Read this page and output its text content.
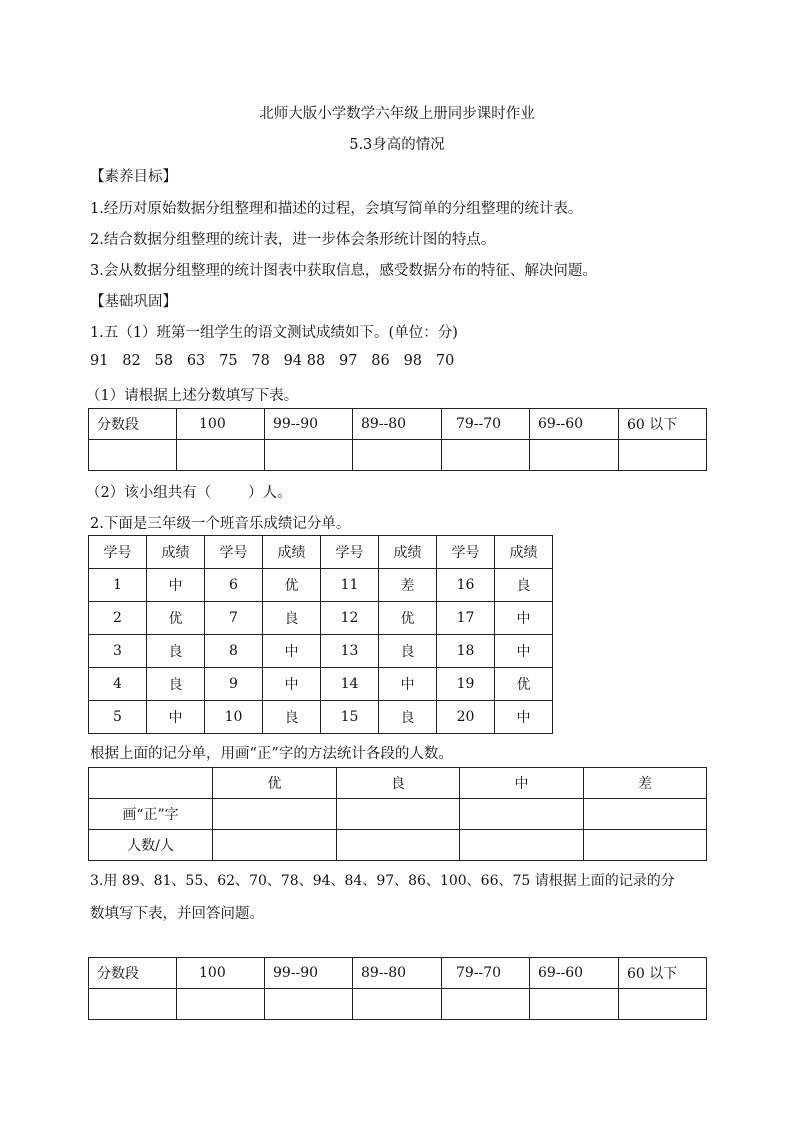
北师大版小学数学六年级上册同步课时作业
5.3身高的情况
【素养目标】
1.经历对原始数据分组整理和描述的过程，会填写简单的分组整理的统计表。
2.结合数据分组整理的统计表，进一步体会条形统计图的特点。
3.会从数据分组整理的统计图表中获取信息，感受数据分布的特征、解决问题。
【基础巩固】
1.五（1）班第一组学生的语文测试成绩如下。(单位：分)
91   82   58   63   75   78   94 88   97   86   98   70
（1）请根据上述分数填写下表。
分数段	100	99--90	89--80	79--70	69--60	60 以下

（2）该小组共有（        ）人。
2.下面是三年级一个班音乐成绩记分单。
学号	成绩	学号	成绩	学号	成绩	学号	成绩
1	中	6	优	11	差	16	良
2	优	7	良	12	优	17	中
3	良	8	中	13	良	18	中
4	良	9	中	14	中	19	优
5	中	10	良	15	良	20	中
根据上面的记分单，用画“正”字的方法统计各段的人数。
	优	良	中	差
画“正”字				
人数/人				
3.用 89、81、55、62、70、78、94、84、97、86、100、66、75 请根据上面的记录的分
数填写下表，并回答问题。
分数段	100	99--90	89--80	79--70	69--60	60 以下
